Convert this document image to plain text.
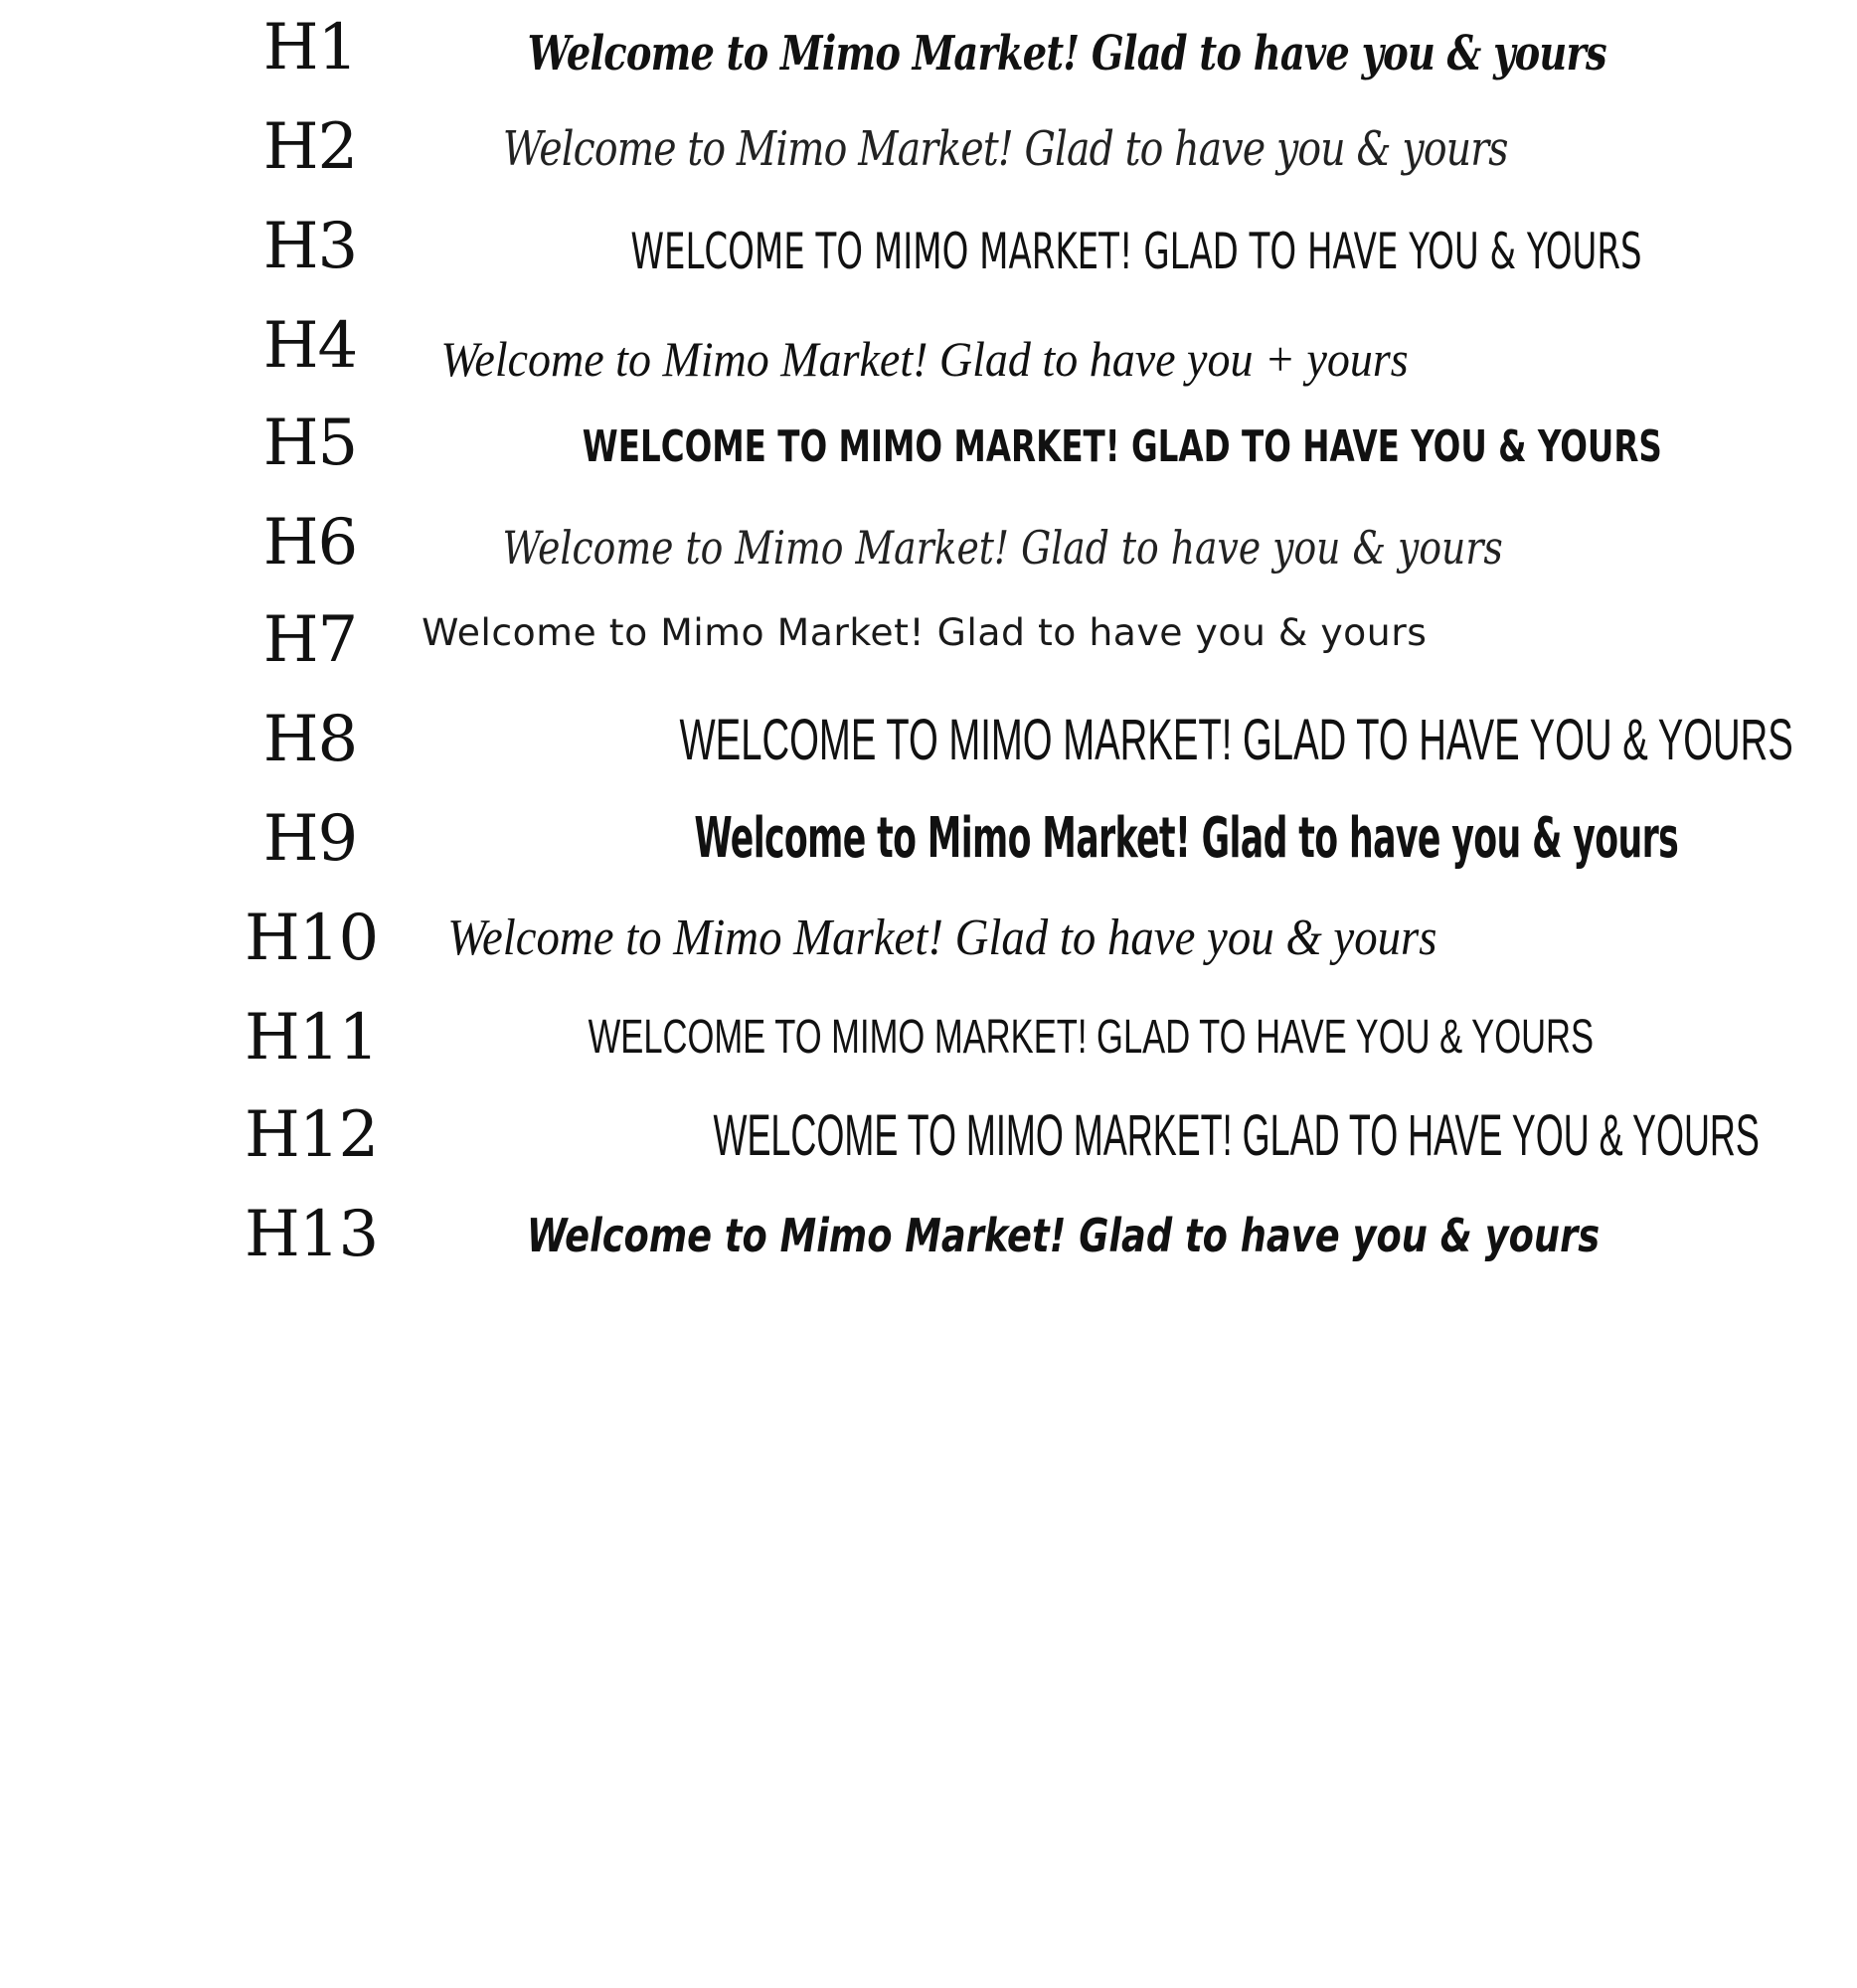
H1	Welcome to Mimo Market! Glad to have you & yours
H2	Welcome to Mimo Market! Glad to have you & yours
H3	WELCOME TO MIMO MARKET! GLAD TO HAVE YOU & YOURS
H4	Welcome to Mimo Market! Glad to have you + yours
H5	WELCOME TO MIMO MARKET! GLAD TO HAVE YOU & YOURS
H6	Welcome to Mimo Market! Glad to have you & yours
H7	Welcome to Mimo Market! Glad to have you & yours
H8	WELCOME TO MIMO MARKET! GLAD TO HAVE YOU & YOURS
H9	Welcome to Mimo Market! Glad to have you & yours
H10	Welcome to Mimo Market! Glad to have you & yours
H11	WELCOME TO MIMO MARKET! GLAD TO HAVE YOU & YOURS
H12	WELCOME TO MIMO MARKET! GLAD TO HAVE YOU & YOURS
H13	Welcome to Mimo Market! Glad to have you & yours
